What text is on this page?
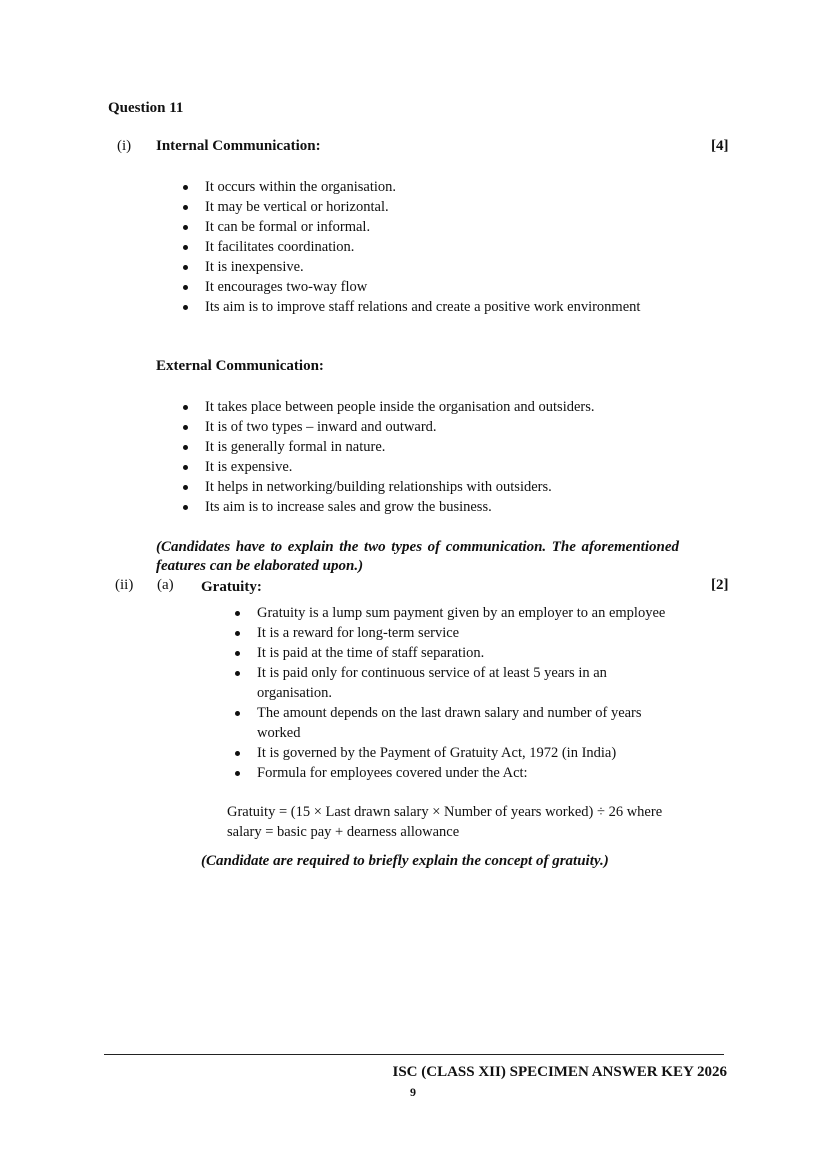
Question 11
(i) Internal Communication:	[4]
It occurs within the organisation.
It may be vertical or horizontal.
It can be formal or informal.
It facilitates coordination.
It is inexpensive.
It encourages two-way flow
Its aim is to improve staff relations and create a positive work environment
External Communication:
It takes place between people inside the organisation and outsiders.
It is of two types – inward and outward.
It is generally formal in nature.
It is expensive.
It helps in networking/building relationships with outsiders.
Its aim is to increase sales and grow the business.
(Candidates have to explain the two types of communication. The aforementioned features can be elaborated upon.)
(ii) (a) Gratuity:	[2]
Gratuity is a lump sum payment given by an employer to an employee
It is a reward for long-term service
It is paid at the time of staff separation.
It is paid only for continuous service of at least 5 years in an organisation.
The amount depends on the last drawn salary and number of years worked
It is governed by the Payment of Gratuity Act, 1972 (in India)
Formula for employees covered under the Act:
Gratuity = (15 × Last drawn salary × Number of years worked) ÷ 26 where salary = basic pay + dearness allowance
(Candidate are required to briefly explain the concept of gratuity.)
ISC (CLASS XII) SPECIMEN ANSWER KEY 2026
9
